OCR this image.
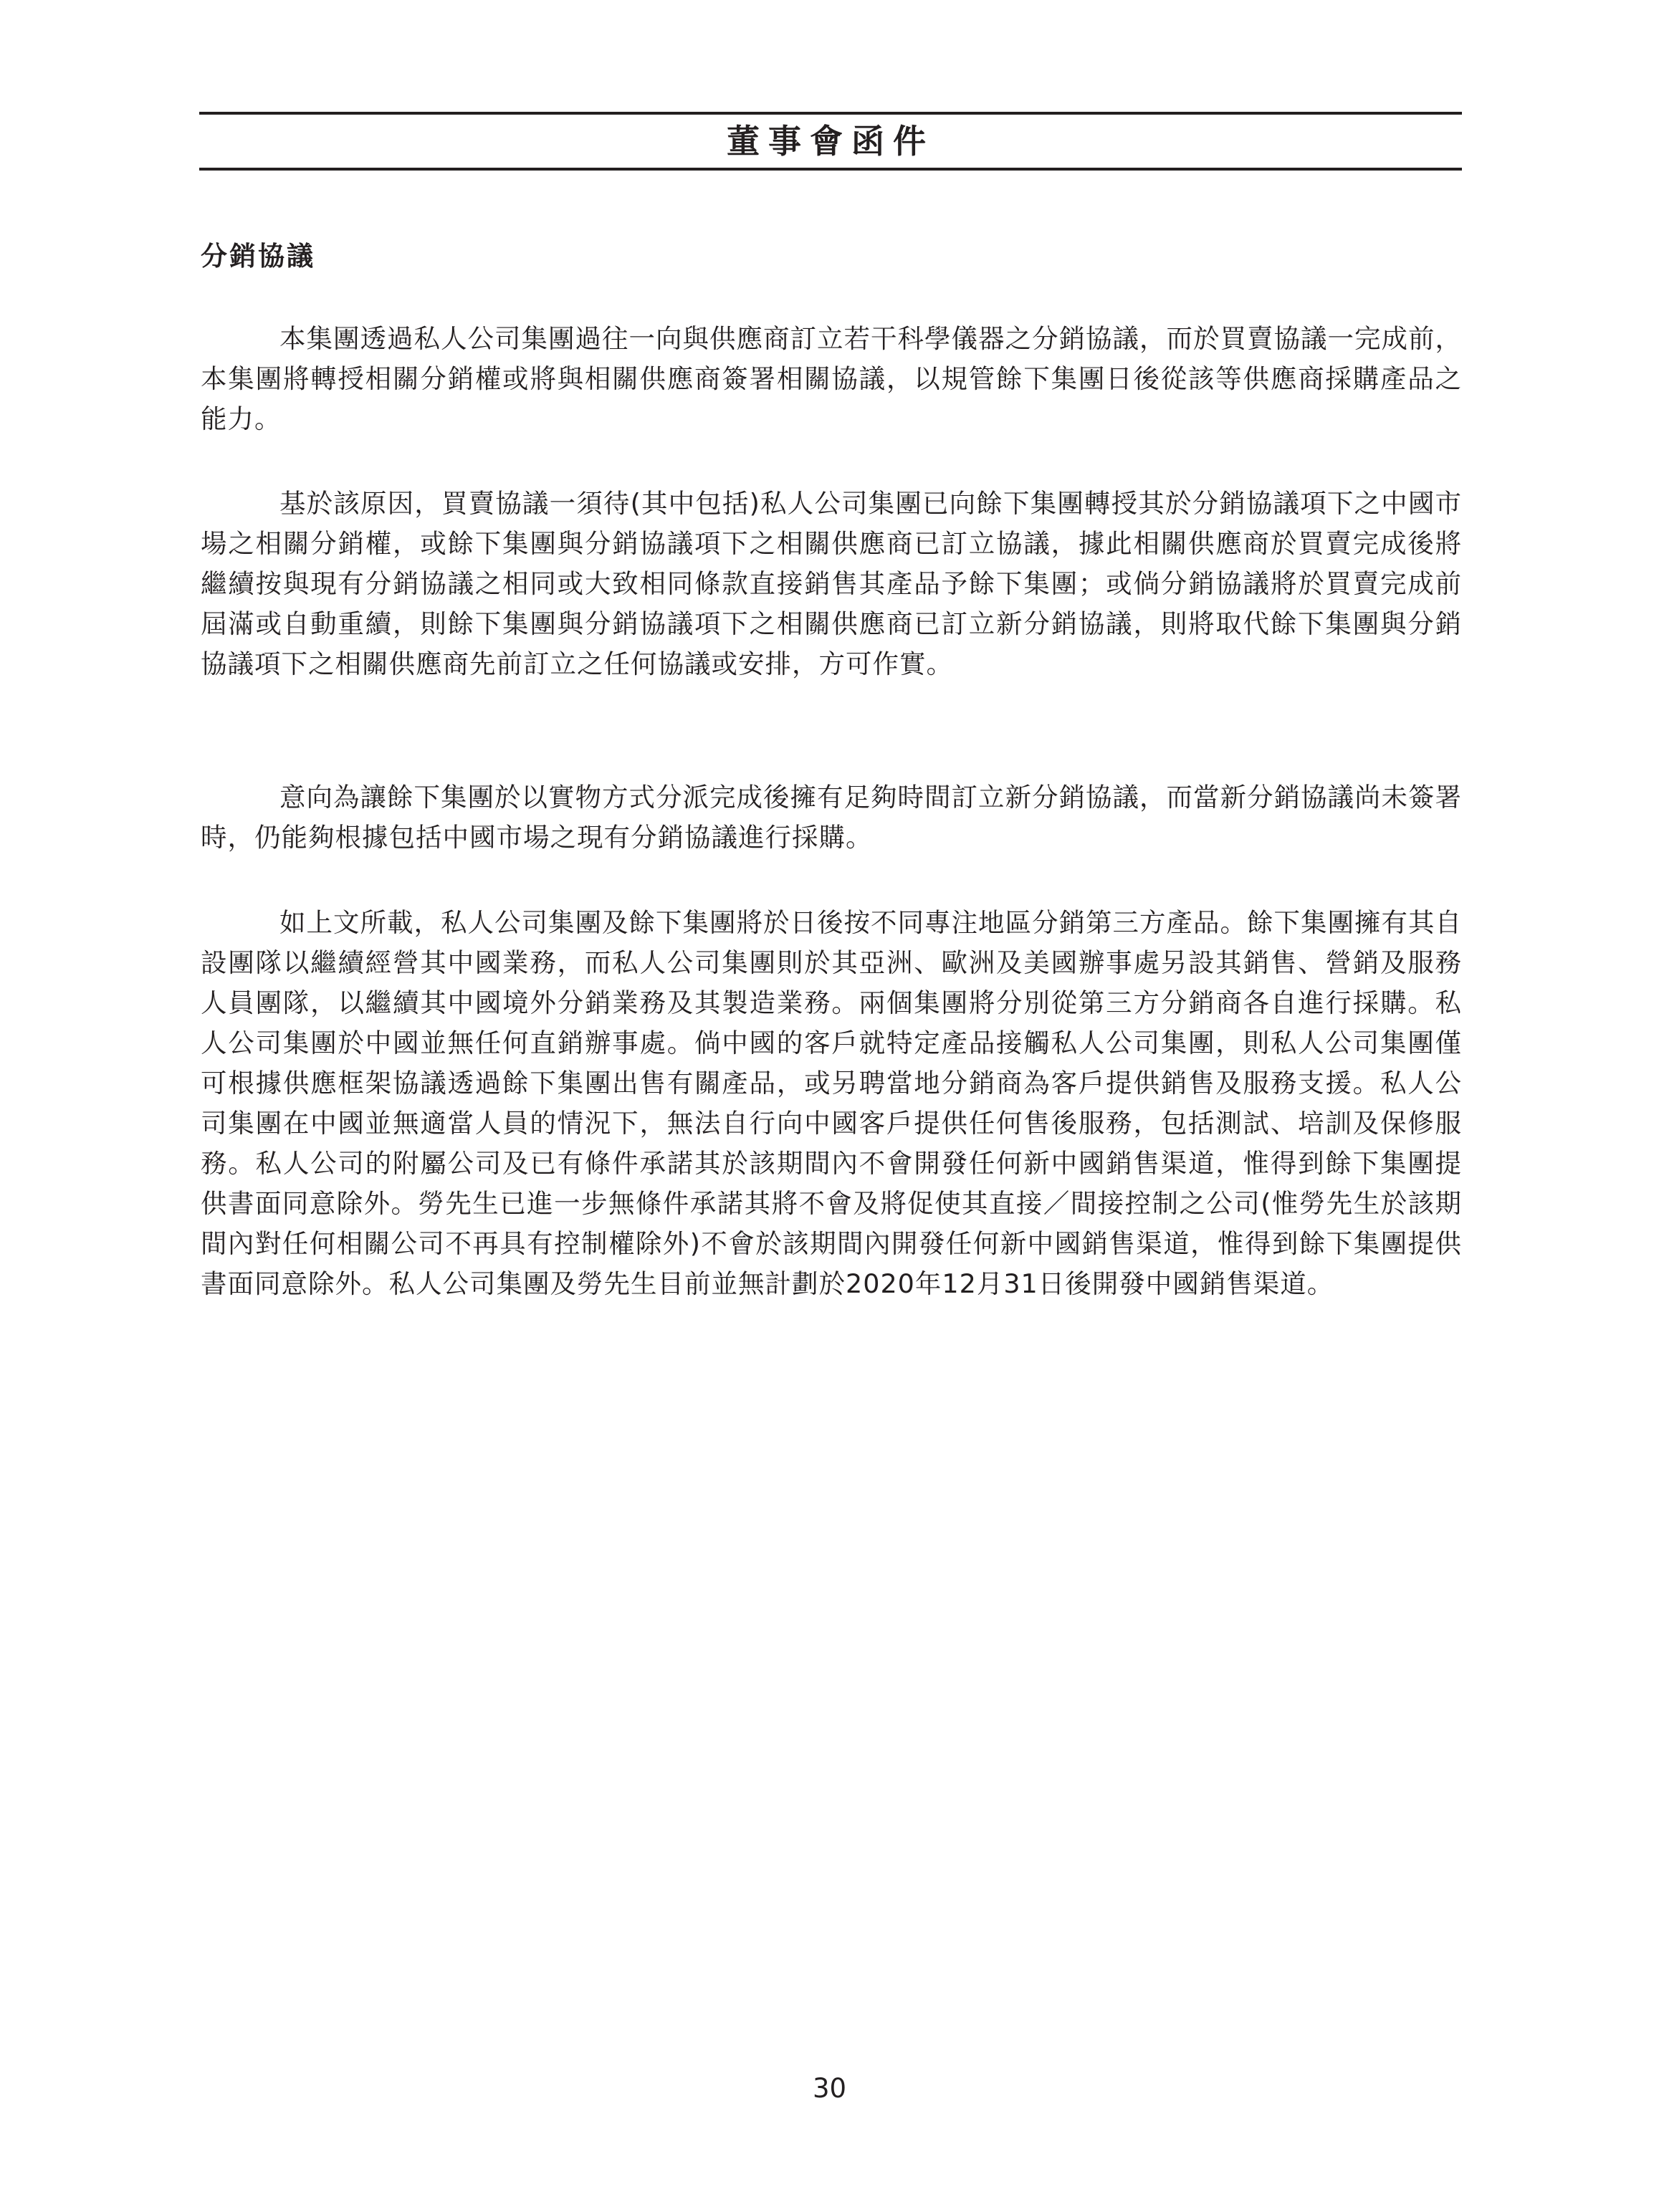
董事會函件
分銷協議

本集團透過私人公司集團過往一向與供應商訂立若干科學儀器之分銷協議，而於買賣協議一完成前，本集團將轉授相關分銷權或將與相關供應商簽署相關協議，以規管餘下集團日後從該等供應商採購產品之能力。

基於該原因，買賣協議一須待(其中包括)私人公司集團已向餘下集團轉授其於分銷協議項下之中國市場之相關分銷權，或餘下集團與分銷協議項下之相關供應商已訂立協議，據此相關供應商於買賣完成後將繼續按與現有分銷協議之相同或大致相同條款直接銷售其產品予餘下集團；或倘分銷協議將於買賣完成前屆滿或自動重續，則餘下集團與分銷協議項下之相關供應商已訂立新分銷協議，則將取代餘下集團與分銷協議項下之相關供應商先前訂立之任何協議或安排，方可作實。

意向為讓餘下集團於以實物方式分派完成後擁有足夠時間訂立新分銷協議，而當新分銷協議尚未簽署時，仍能夠根據包括中國市場之現有分銷協議進行採購。

如上文所載，私人公司集團及餘下集團將於日後按不同專注地區分銷第三方產品。餘下集團擁有其自設團隊以繼續經營其中國業務，而私人公司集團則於其亞洲、歐洲及美國辦事處另設其銷售、營銷及服務人員團隊，以繼續其中國境外分銷業務及其製造業務。兩個集團將分別從第三方分銷商各自進行採購。私人公司集團於中國並無任何直銷辦事處。倘中國的客戶就特定產品接觸私人公司集團，則私人公司集團僅可根據供應框架協議透過餘下集團出售有關產品，或另聘當地分銷商為客戶提供銷售及服務支援。私人公司集團在中國並無適當人員的情況下，無法自行向中國客戶提供任何售後服務，包括測試、培訓及保修服務。私人公司的附屬公司及已有條件承諾其於該期間內不會開發任何新中國銷售渠道，惟得到餘下集團提供書面同意除外。勞先生已進一步無條件承諾其將不會及將促使其直接／間接控制之公司(惟勞先生於該期間內對任何相關公司不再具有控制權除外)不會於該期間內開發任何新中國銷售渠道，惟得到餘下集團提供書面同意除外。私人公司集團及勞先生目前並無計劃於2020年12月31日後開發中國銷售渠道。

30
